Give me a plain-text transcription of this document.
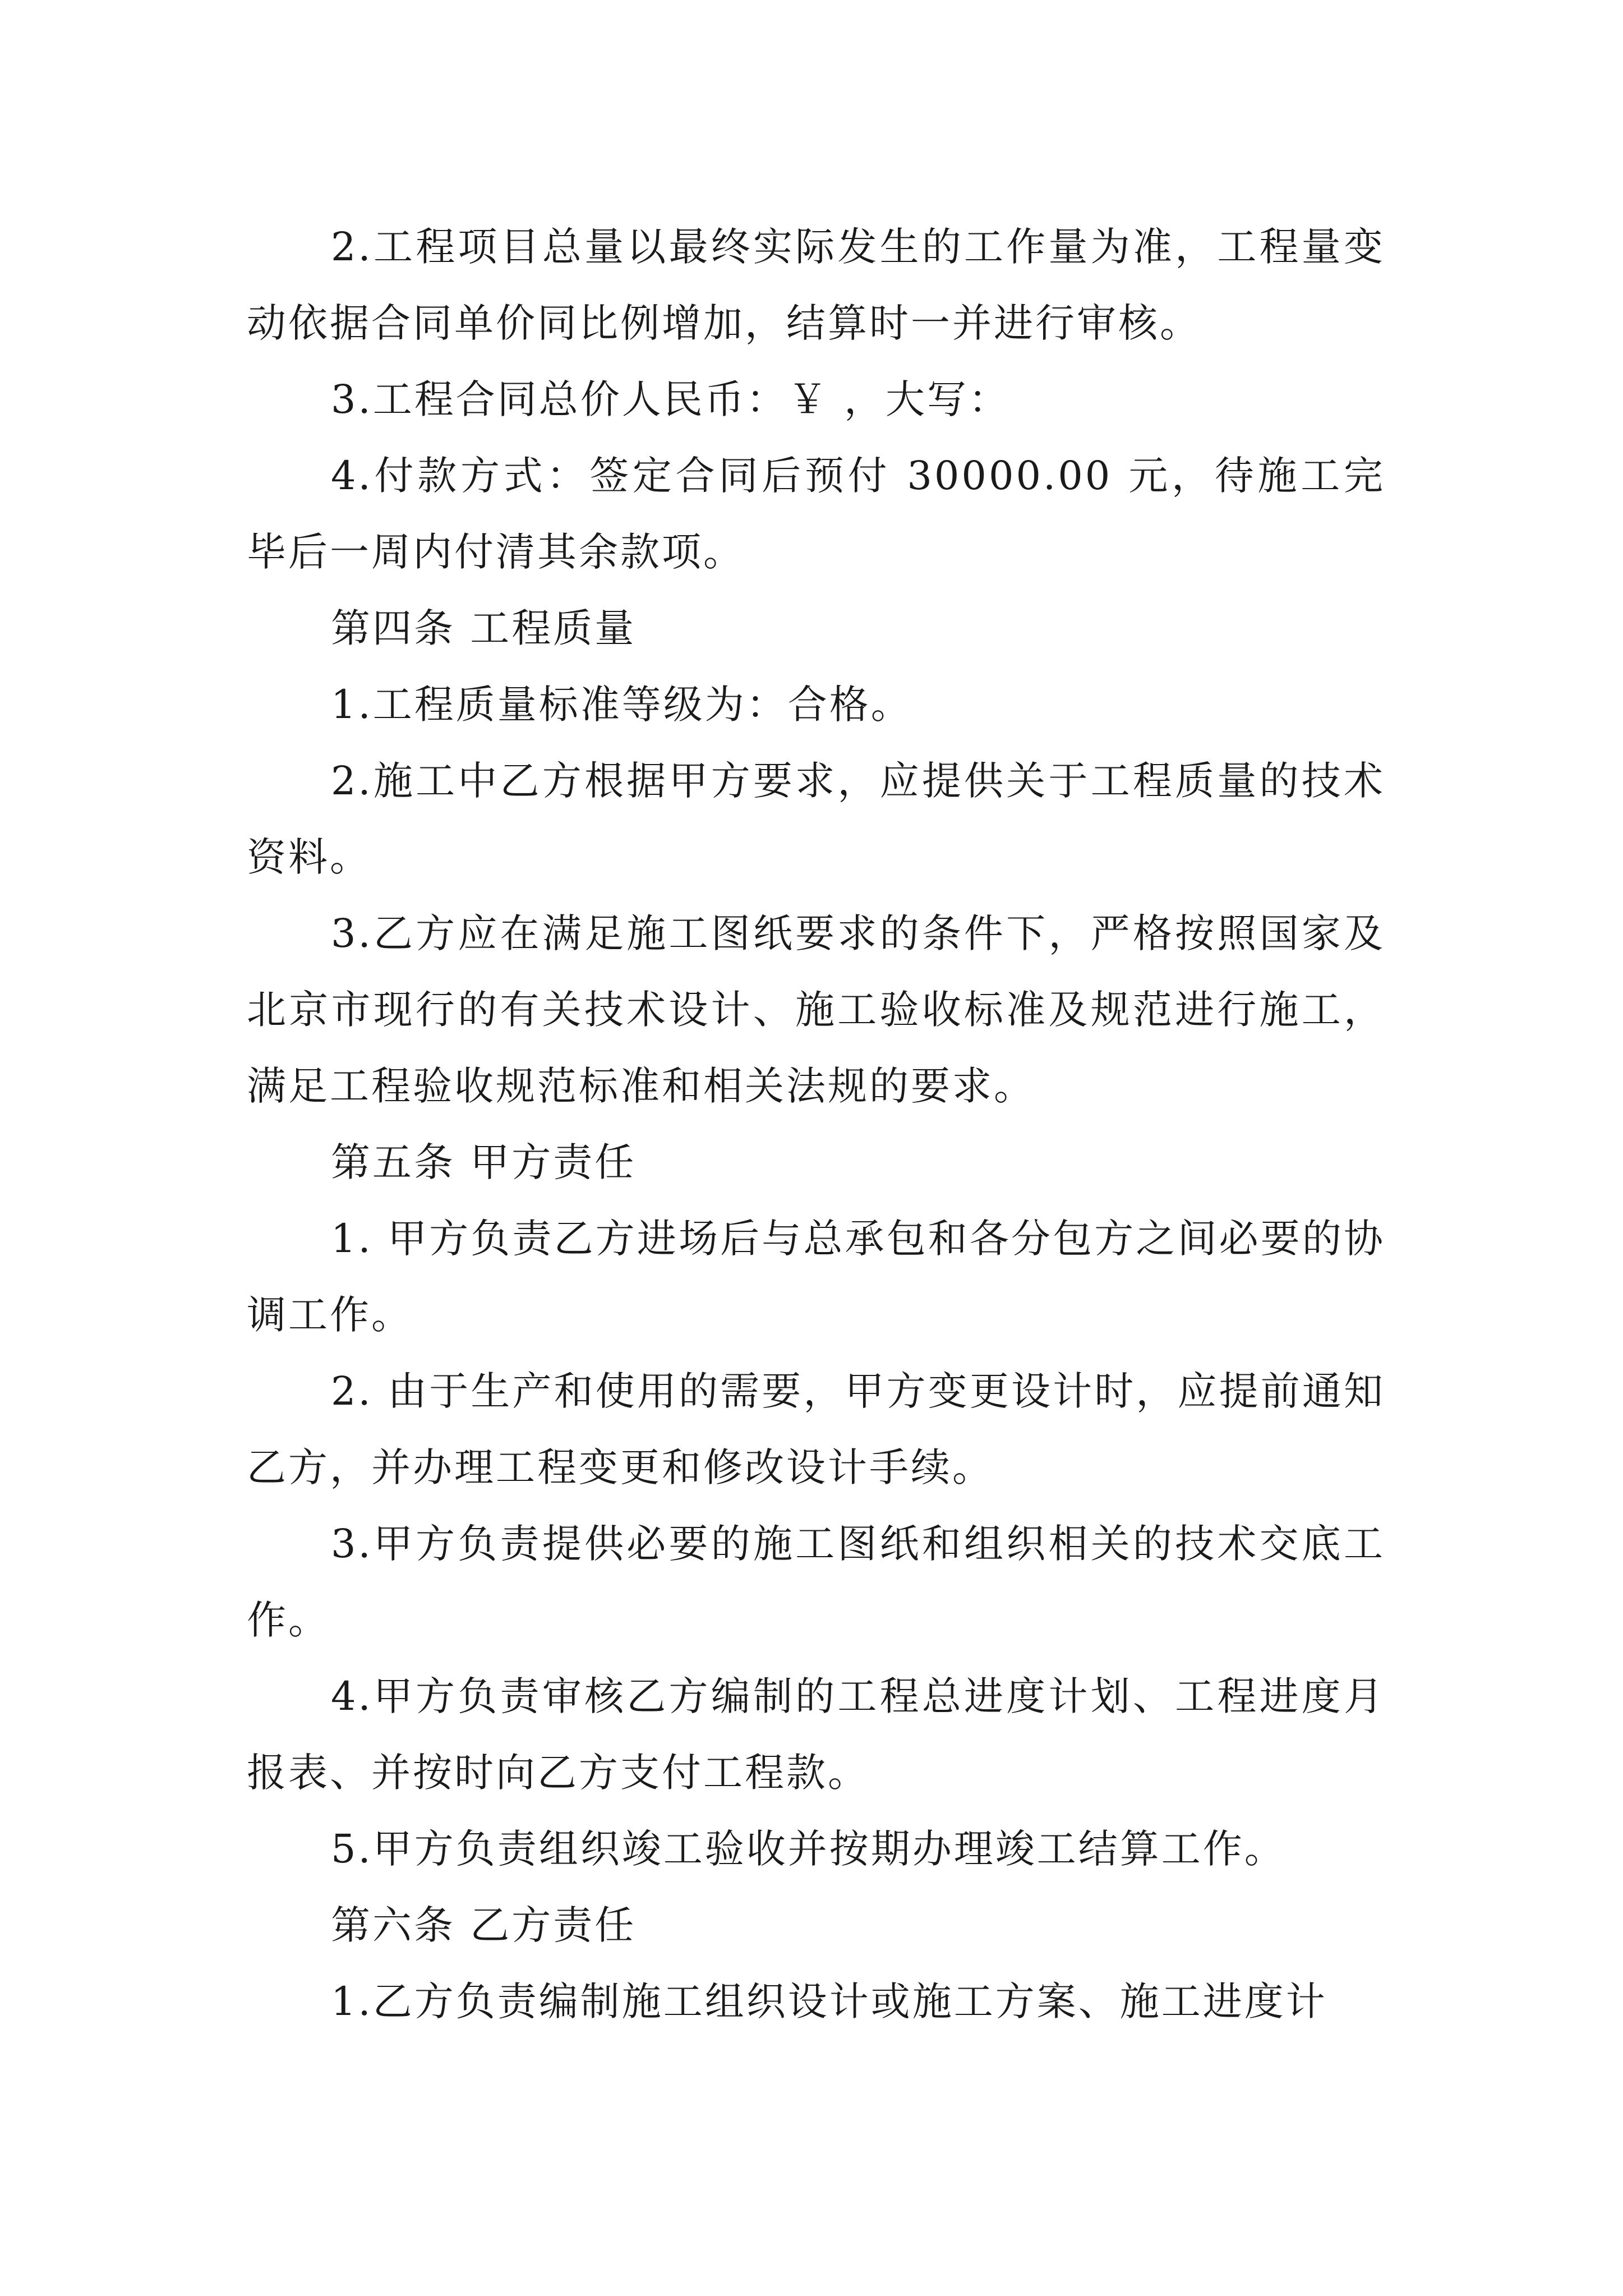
2.工程项目总量以最终实际发生的工作量为准，工程量变动依据合同单价同比例增加，结算时一并进行审核。

3.工程合同总价人民币：￥ ，大写：

4.付款方式：签定合同后预付 30000.00 元，待施工完毕后一周内付清其余款项。

第四条 工程质量

1.工程质量标准等级为：合格。

2.施工中乙方根据甲方要求，应提供关于工程质量的技术资料。

3.乙方应在满足施工图纸要求的条件下，严格按照国家及北京市现行的有关技术设计、施工验收标准及规范进行施工，满足工程验收规范标准和相关法规的要求。

第五条 甲方责任

1. 甲方负责乙方进场后与总承包和各分包方之间必要的协调工作。

2. 由于生产和使用的需要，甲方变更设计时，应提前通知乙方，并办理工程变更和修改设计手续。

3.甲方负责提供必要的施工图纸和组织相关的技术交底工作。

4.甲方负责审核乙方编制的工程总进度计划、工程进度月报表、并按时向乙方支付工程款。

5.甲方负责组织竣工验收并按期办理竣工结算工作。

第六条 乙方责任

1.乙方负责编制施工组织设计或施工方案、施工进度计
